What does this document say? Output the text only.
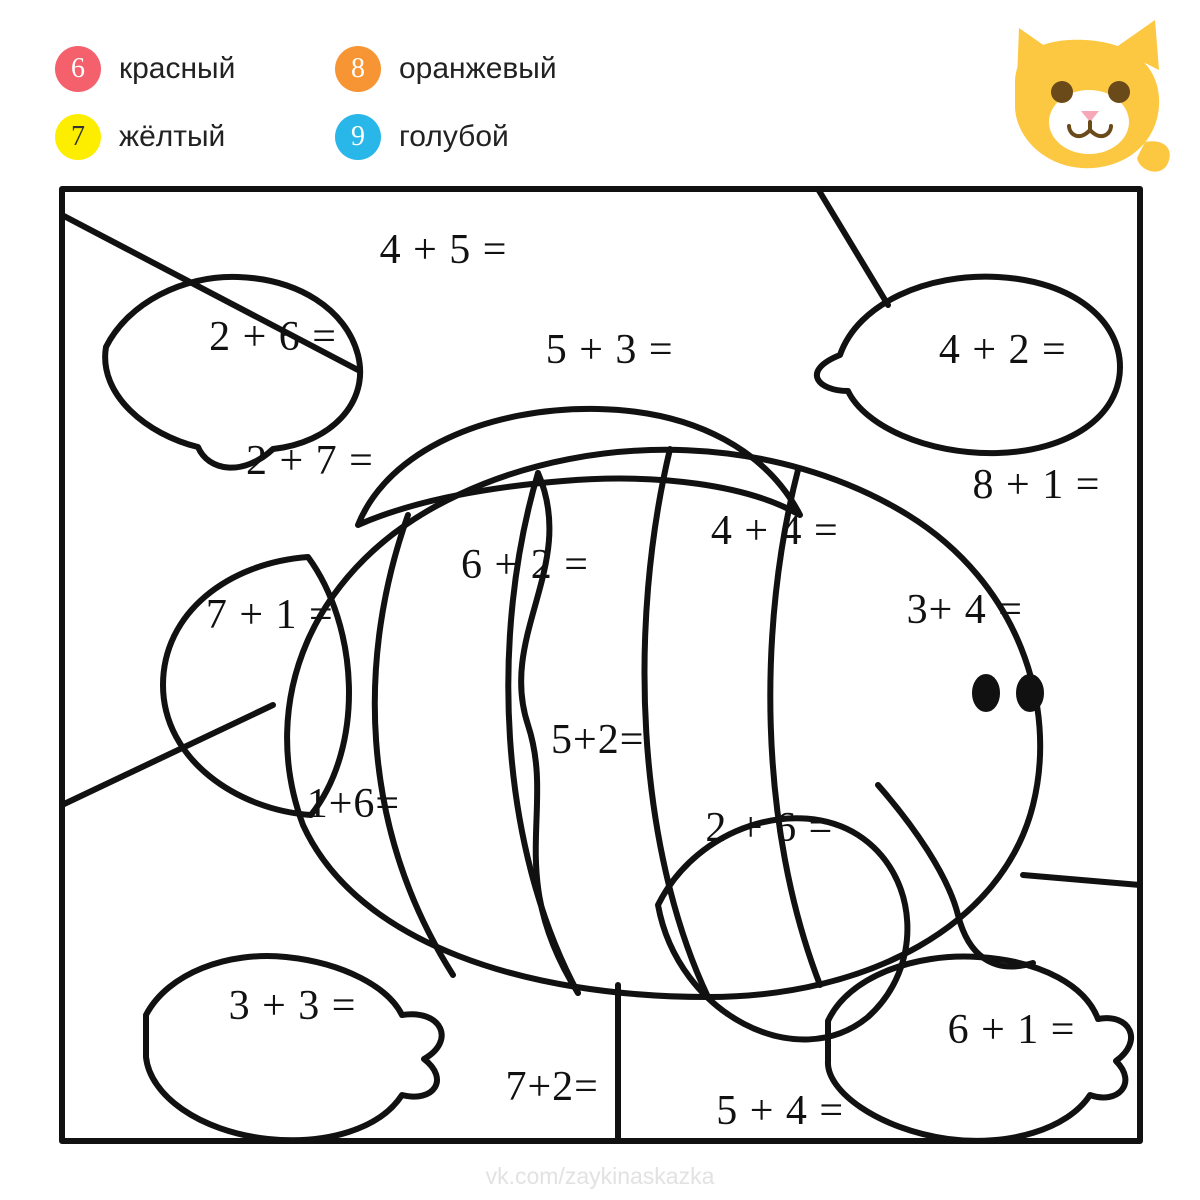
6	красный	8	оранжевый
7	жёлтый	9	голубой
4 + 5 =
2 + 6 =	5 + 3 =	4 + 2 =
2 + 7 =
8 + 1 =
6 + 2 =
4 + 4 =
3+ 4 =
7 + 1 =
5+2=
1+6=
2 + 6 =
3 + 3 =
7+2=
5 + 4 =
6 + 1 =
vk.com/zaykinaskazka
